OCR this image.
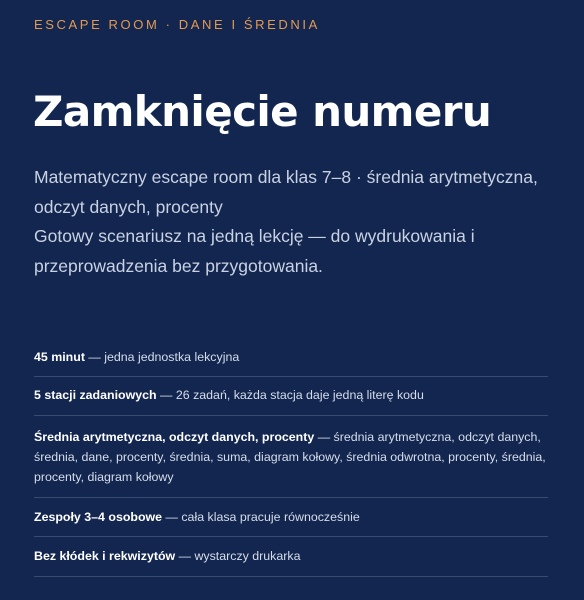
ESCAPE ROOM · DANE I ŚREDNIA
Zamknięcie numeru
Matematyczny escape room dla klas 7–8 · średnia arytmetyczna,
odczyt danych, procenty
Gotowy scenariusz na jedną lekcję — do wydrukowania i
przeprowadzenia bez przygotowania.
45 minut — jedna jednostka lekcyjna
5 stacji zadaniowych — 26 zadań, każda stacja daje jedną literę kodu
Średnia arytmetyczna, odczyt danych, procenty — średnia arytmetyczna, odczyt danych, średnia, dane, procenty, średnia, suma, diagram kołowy, średnia odwrotna, procenty, średnia, procenty, diagram kołowy
Zespoły 3–4 osobowe — cała klasa pracuje równocześnie
Bez kłódek i rekwizytów — wystarczy drukarka
